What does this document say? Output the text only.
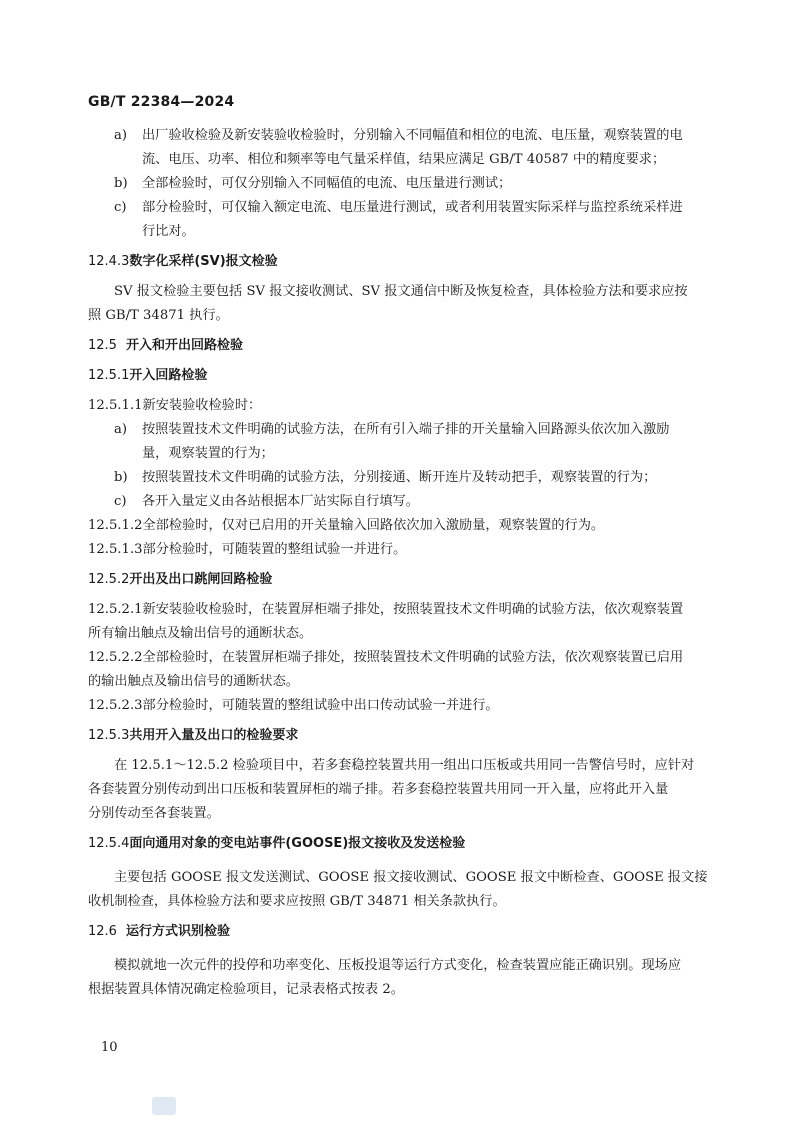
GB/T 22384—2024
a) 出厂验收检验及新安装验收检验时，分别输入不同幅值和相位的电流、电压量，观察装置的电
流、电压、功率、相位和频率等电气量采样值，结果应满足 GB/T 40587 中的精度要求；
b) 全部检验时，可仅分别输入不同幅值的电流、电压量进行测试；
c) 部分检验时，可仅输入额定电流、电压量进行测试，或者利用装置实际采样与监控系统采样进
行比对。
12.4.3数字化采样(SV)报文检验
SV 报文检验主要包括 SV 报文接收测试、SV 报文通信中断及恢复检查，具体检验方法和要求应按
照 GB/T 34871 执行。
12.5 开入和开出回路检验
12.5.1开入回路检验
12.5.1.1新安装验收检验时：
a) 按照装置技术文件明确的试验方法，在所有引入端子排的开关量输入回路源头依次加入激励
量，观察装置的行为；
b) 按照装置技术文件明确的试验方法，分别接通、断开连片及转动把手，观察装置的行为；
c) 各开入量定义由各站根据本厂站实际自行填写。
12.5.1.2全部检验时，仅对已启用的开关量输入回路依次加入激励量，观察装置的行为。
12.5.1.3部分检验时，可随装置的整组试验一并进行。
12.5.2开出及出口跳闸回路检验
12.5.2.1新安装验收检验时，在装置屏柜端子排处，按照装置技术文件明确的试验方法，依次观察装置
所有输出触点及输出信号的通断状态。
12.5.2.2全部检验时，在装置屏柜端子排处，按照装置技术文件明确的试验方法，依次观察装置已启用
的输出触点及输出信号的通断状态。
12.5.2.3部分检验时，可随装置的整组试验中出口传动试验一并进行。
12.5.3共用开入量及出口的检验要求
在 12.5.1～12.5.2 检验项目中，若多套稳控装置共用一组出口压板或共用同一告警信号时，应针对
各套装置分别传动到出口压板和装置屏柜的端子排。若多套稳控装置共用同一开入量，应将此开入量
分别传动至各套装置。
12.5.4面向通用对象的变电站事件(GOOSE)报文接收及发送检验
主要包括 GOOSE 报文发送测试、GOOSE 报文接收测试、GOOSE 报文中断检查、GOOSE 报文接
收机制检查，具体检验方法和要求应按照 GB/T 34871 相关条款执行。
12.6 运行方式识别检验
模拟就地一次元件的投停和功率变化、压板投退等运行方式变化，检查装置应能正确识别。现场应
根据装置具体情况确定检验项目，记录表格式按表 2。
10
